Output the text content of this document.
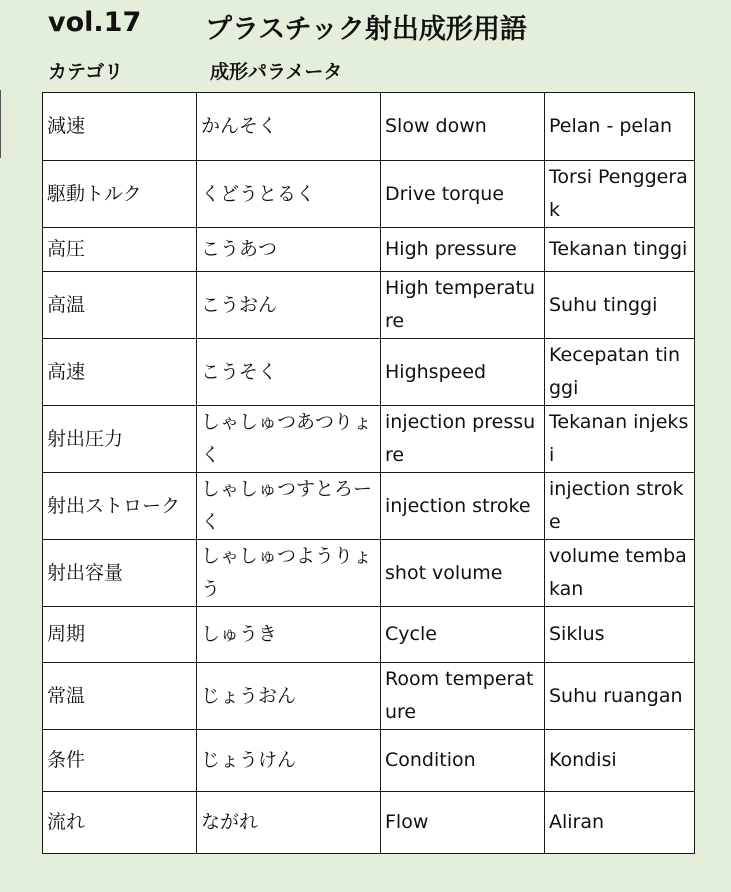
vol.17 プラスチック射出成形用語
カテゴリ	成形パラメータ
減速	かんそく	Slow down	Pelan - pelan
駆動トルク	くどうとるく	Drive torque	Torsi Penggerak
高圧	こうあつ	High pressure	Tekanan tinggi
高温	こうおん	High temperature	Suhu tinggi
高速	こうそく	Highspeed	Kecepatan tinggi
射出圧力	しゃしゅつあつりょく	injection pressure	Tekanan injeksi
射出ストローク	しゃしゅつすとろーく	injection stroke	injection stroke
射出容量	しゃしゅつようりょう	shot volume	volume tembakan
周期	しゅうき	Cycle	Siklus
常温	じょうおん	Room temperature	Suhu ruangan
条件	じょうけん	Condition	Kondisi
流れ	ながれ	Flow	Aliran
